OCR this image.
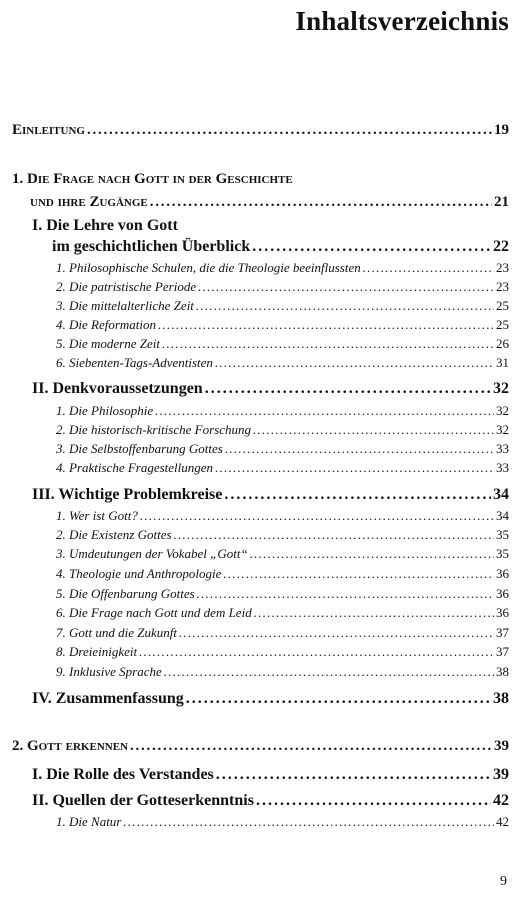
Inhaltsverzeichnis
Einleitung . . .	19
1. Die Frage nach Gott in der Geschichte
und ihre Zugänge . . .	21
I. Die Lehre von Gott
im geschichtlichen Überblick . . .	22
1. Philosophische Schulen, die die Theologie beeinflussten . . .	23
2. Die patristische Periode . . .	23
3. Die mittelalterliche Zeit . . .	25
4. Die Reformation . . .	25
5. Die moderne Zeit . . .	26
6. Siebenten-Tags-Adventisten . . .	31
II. Denkvoraussetzungen . . .	32
1. Die Philosophie . . .	32
2. Die historisch-kritische Forschung . . .	32
3. Die Selbstoffenbarung Gottes . . .	33
4. Praktische Fragestellungen . . .	33
III. Wichtige Problemkreise . . .	34
1. Wer ist Gott? . . .	34
2. Die Existenz Gottes . . .	35
3. Umdeutungen der Vokabel „Gott“ . . .	35
4. Theologie und Anthropologie . . .	36
5. Die Offenbarung Gottes . . .	36
6. Die Frage nach Gott und dem Leid . . .	36
7. Gott und die Zukunft . . .	37
8. Dreieinigkeit . . .	37
9. Inklusive Sprache . . .	38
IV. Zusammenfassung . . .	38
2. Gott erkennen . . .	39
I. Die Rolle des Verstandes . . .	39
II. Quellen der Gotteserkenntnis . . .	42
1. Die Natur . . .	42
9
